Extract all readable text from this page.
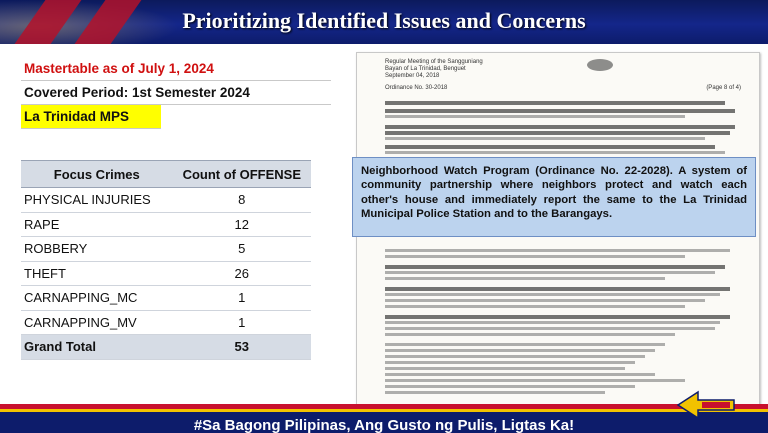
Prioritizing Identified Issues and Concerns
Mastertable as of July 1, 2024
Covered Period: 1st Semester 2024
La Trinidad MPS
Focus Crimes	Count of OFFENSE
PHYSICAL INJURIES	8
RAPE	12
ROBBERY	5
THEFT	26
CARNAPPING_MC	1
CARNAPPING_MV	1
Grand Total	53
Regular Meeting of the Sangguniang
Bayan of La Trinidad, Benguet
September 04, 2018
Ordinance No. 30-2018	(Page 8 of 4)
Neighborhood Watch Program (Ordinance No. 22-2028). A system of community partnership where neighbors protect and watch each other's house and immediately report the same to the La Trinidad Municipal Police Station and to the Barangays.
#Sa Bagong Pilipinas, Ang Gusto ng Pulis, Ligtas Ka!
